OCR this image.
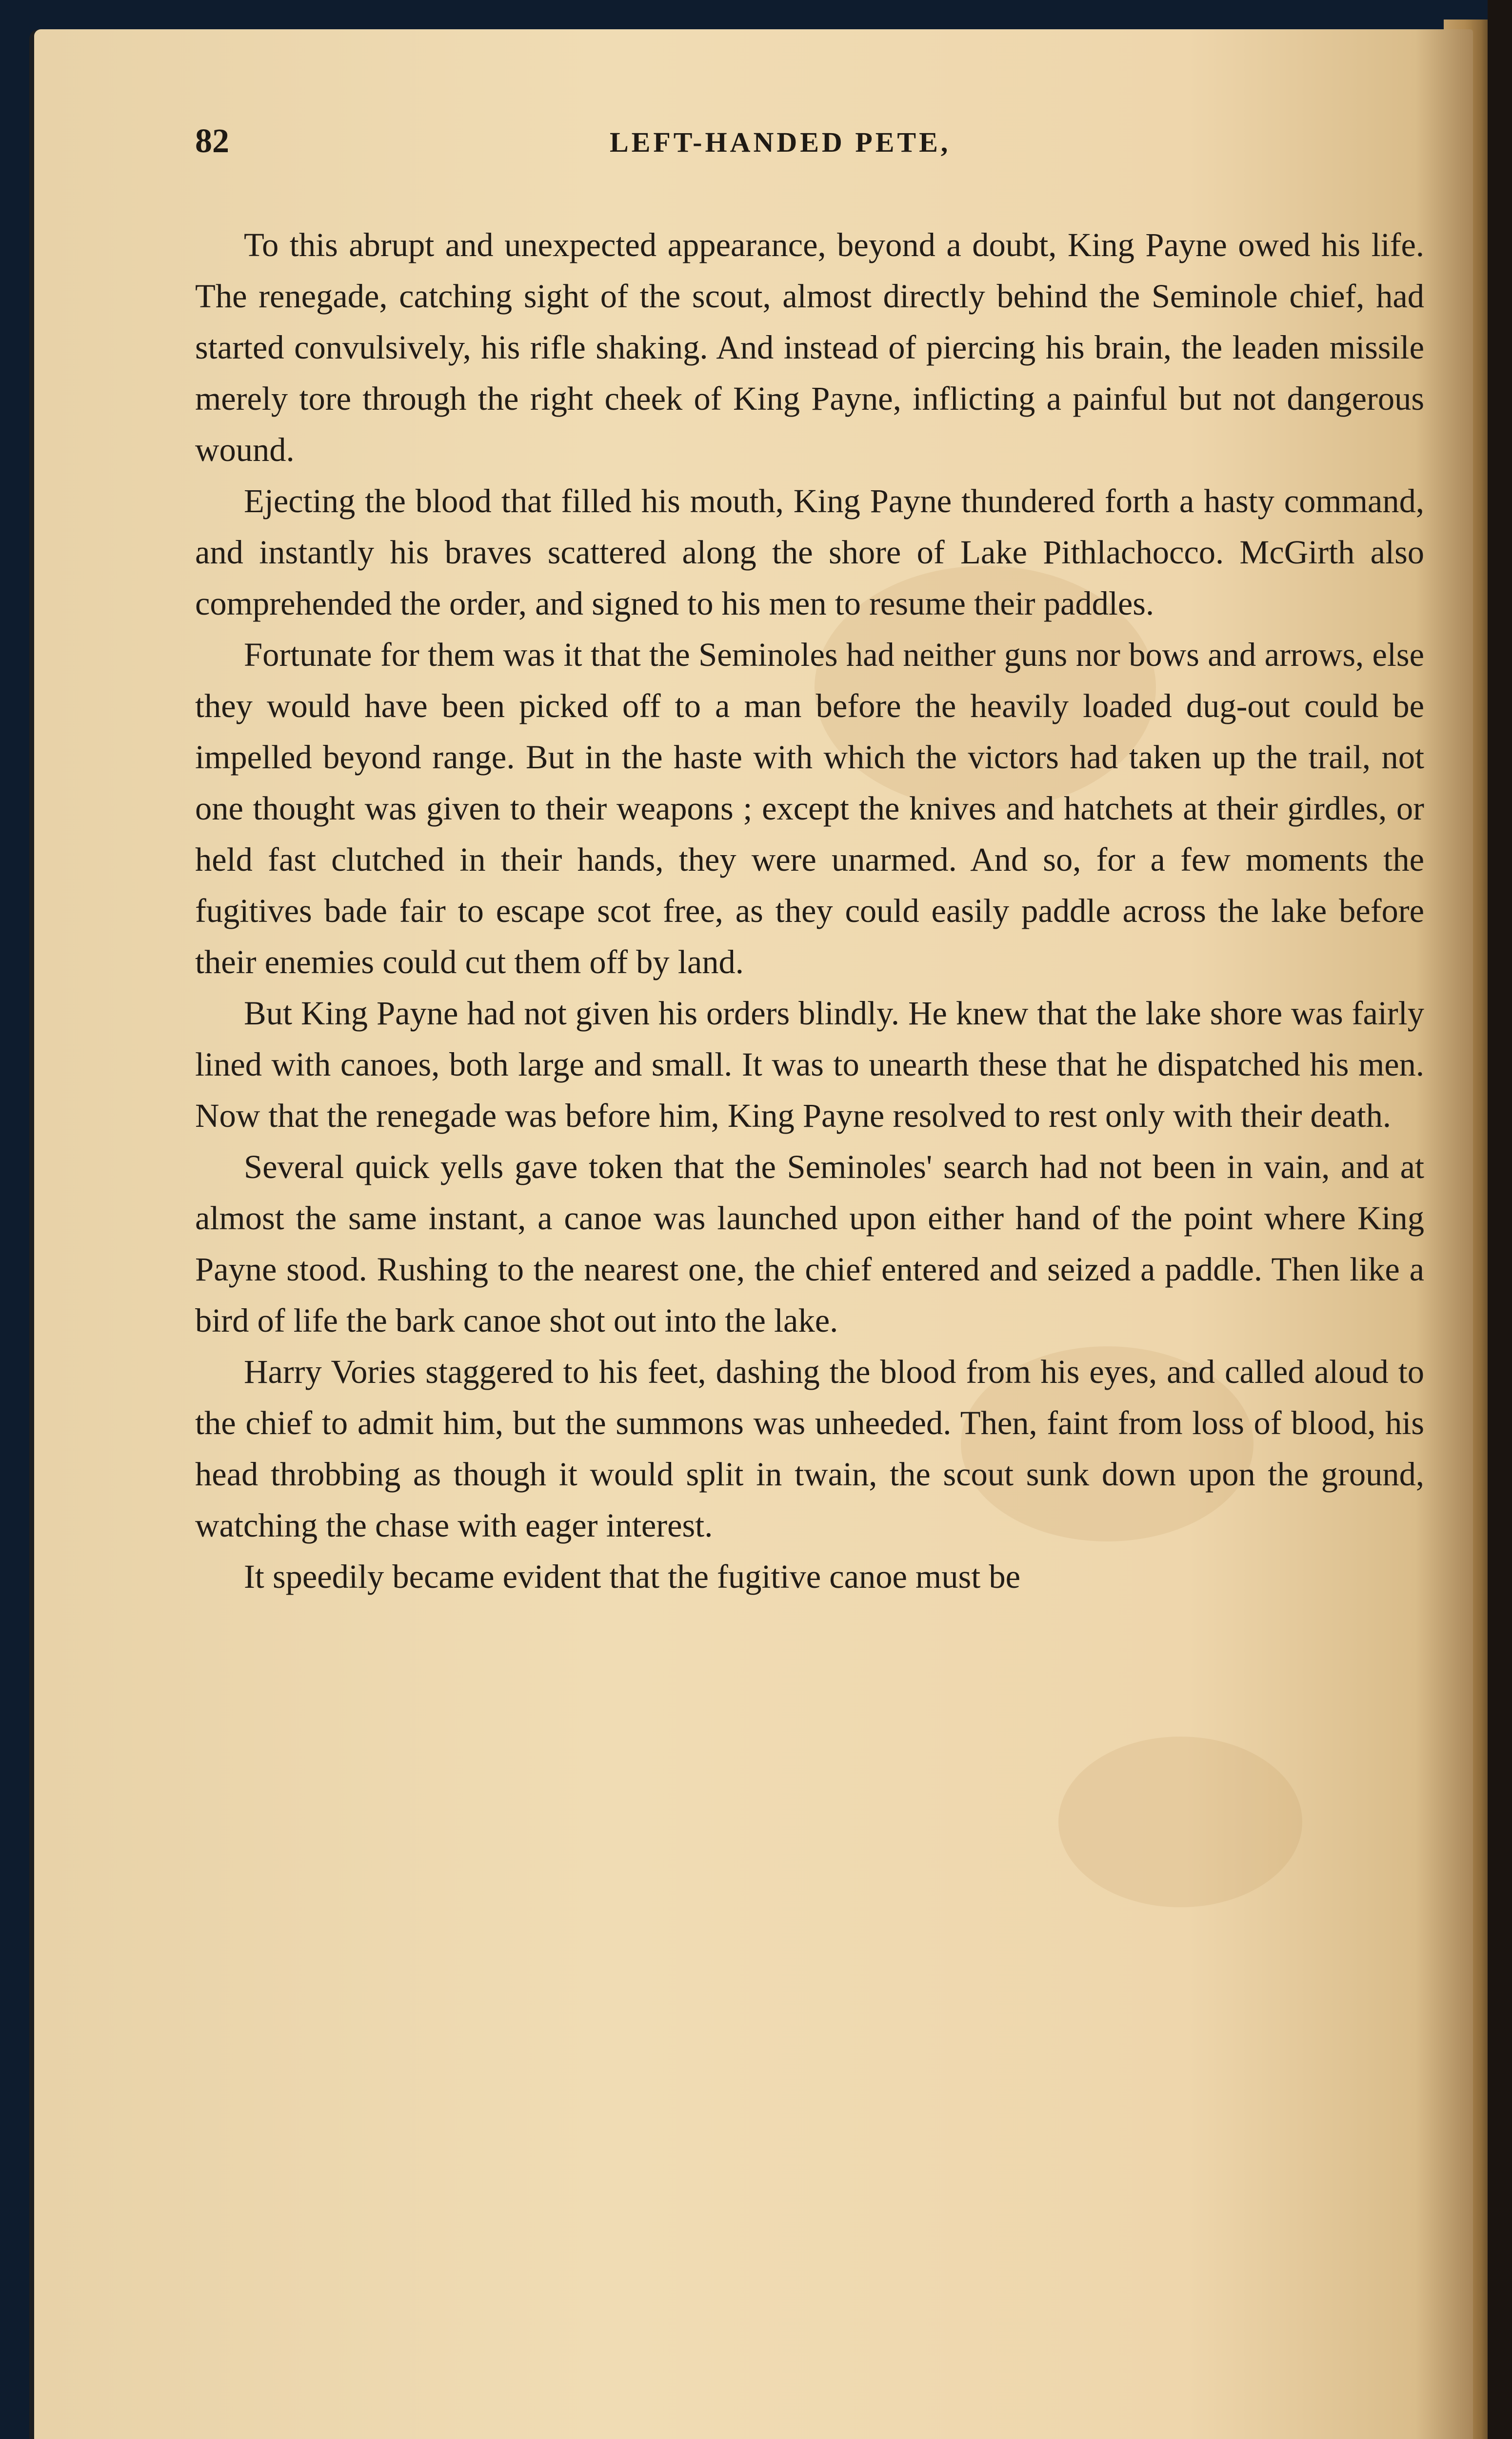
82	LEFT-HANDED PETE,

To this abrupt and unexpected appearance, beyond a doubt, King Payne owed his life. The renegade, catching sight of the scout, almost directly behind the Seminole chief, had started convulsively, his rifle shaking. And instead of piercing his brain, the leaden missile merely tore through the right cheek of King Payne, inflicting a painful but not dangerous wound.

Ejecting the blood that filled his mouth, King Payne thundered forth a hasty command, and instantly his braves scattered along the shore of Lake Pithlachocco. McGirth also comprehended the order, and signed to his men to resume their paddles.

Fortunate for them was it that the Seminoles had neither guns nor bows and arrows, else they would have been picked off to a man before the heavily loaded dug-out could be impelled beyond range. But in the haste with which the victors had taken up the trail, not one thought was given to their weapons ; except the knives and hatchets at their girdles, or held fast clutched in their hands, they were unarmed. And so, for a few moments the fugitives bade fair to escape scot free, as they could easily paddle across the lake before their enemies could cut them off by land.

But King Payne had not given his orders blindly. He knew that the lake shore was fairly lined with canoes, both large and small. It was to unearth these that he dispatched his men. Now that the renegade was before him, King Payne resolved to rest only with their death.

Several quick yells gave token that the Seminoles' search had not been in vain, and at almost the same instant, a canoe was launched upon either hand of the point where King Payne stood. Rushing to the nearest one, the chief entered and seized a paddle. Then like a bird of life the bark canoe shot out into the lake.

Harry Vories staggered to his feet, dashing the blood from his eyes, and called aloud to the chief to admit him, but the summons was unheeded. Then, faint from loss of blood, his head throbbing as though it would split in twain, the scout sunk down upon the ground, watching the chase with eager interest.

It speedily became evident that the fugitive canoe must be
